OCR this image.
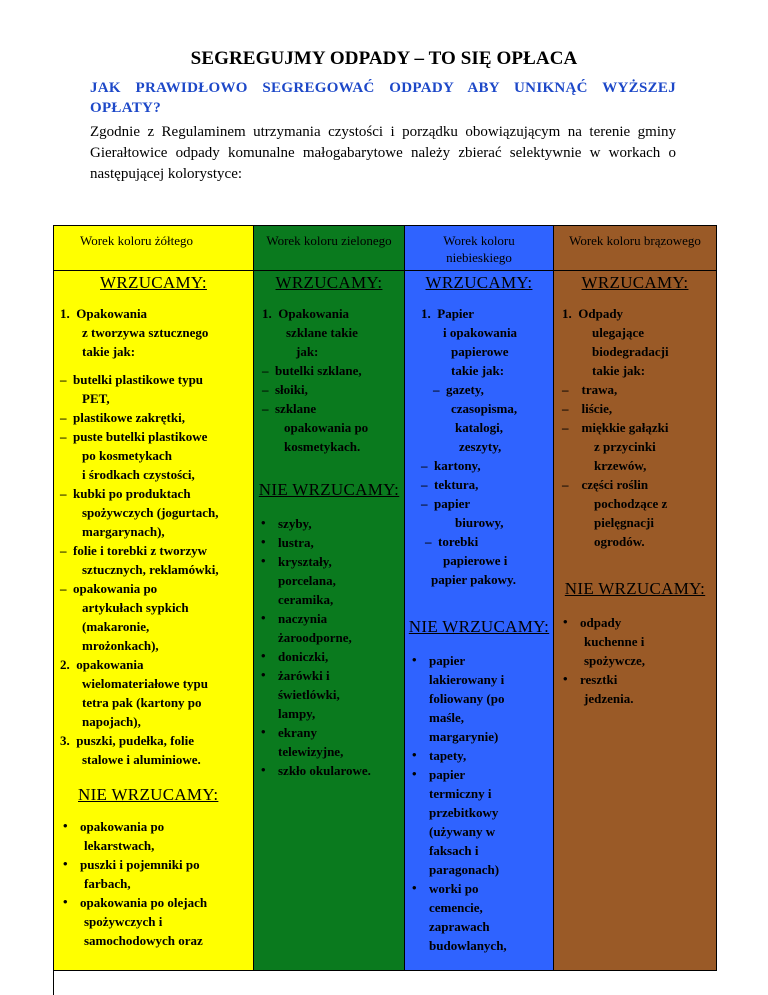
SEGREGUJMY ODPADY – TO SIĘ OPŁACA
JAK PRAWIDŁOWO SEGREGOWAĆ ODPADY ABY UNIKNĄĆ WYŻSZEJ OPŁATY?
Zgodnie z Regulaminem utrzymania czystości i porządku obowiązującym na terenie gminy Gierałtowice odpady komunalne małogabarytowe należy zbierać selektywnie w workach o następującej kolorystyce:
Worek koloru żółtego	Worek koloru zielonego	Worek koloru niebieskiego
Worek koloru brązowego
WRZUCAMY:
1.  Opakowania
z tworzywa sztucznego
takie jak:
–  butelki plastikowe typu
PET,
–  plastikowe zakrętki,
–  puste butelki plastikowe
po kosmetykach
i środkach czystości,
–  kubki po produktach
spożywczych (jogurtach,
margarynach),
–  folie i torebki z tworzyw
sztucznych, reklamówki,
–  opakowania po
artykułach sypkich
(makaronie,
mrożonkach),
2.  opakowania
wielomateriałowe typu
tetra pak (kartony po
napojach),
3.  puszki, pudełka, folie
stalowe i aluminiowe.
NIE WRZUCAMY:
• opakowania po
lekarstwach,
• puszki i pojemniki po
farbach,
• opakowania po olejach
spożywczych i
samochodowych oraz
WRZUCAMY:
1.  Opakowania
szklane takie
jak:
–  butelki szklane,
–  słoiki,
–  szklane
opakowania po
kosmetykach.
NIE WRZUCAMY:
• szyby,
• lustra,
• kryształy,
porcelana,
ceramika,
• naczynia
żaroodporne,
• doniczki,
• żarówki i
świetlówki,
lampy,
• ekrany
telewizyjne,
• szkło okularowe.
WRZUCAMY:
1.  Papier
i opakowania
papierowe
takie jak:
–  gazety,
czasopisma,
katalogi,
zeszyty,
–  kartony,
–  tektura,
–  papier
biurowy,
–  torebki
papierowe i
papier pakowy.
NIE WRZUCAMY:
• papier
lakierowany i
foliowany (po
maśle,
margarynie)
• tapety,
• papier
termiczny i
przebitkowy
(używany w
faksach i
paragonach)
• worki po
cemencie,
zaprawach
budowlanych,
WRZUCAMY:
1.  Odpady
ulegające
biodegradacji
takie jak:
–    trawa,
–    liście,
–    miękkie gałązki
z przycinki
krzewów,
–    części roślin
pochodzące z
pielęgnacji
ogrodów.
NIE WRZUCAMY:
• odpady
kuchenne i
spożywcze,
• resztki
jedzenia.
